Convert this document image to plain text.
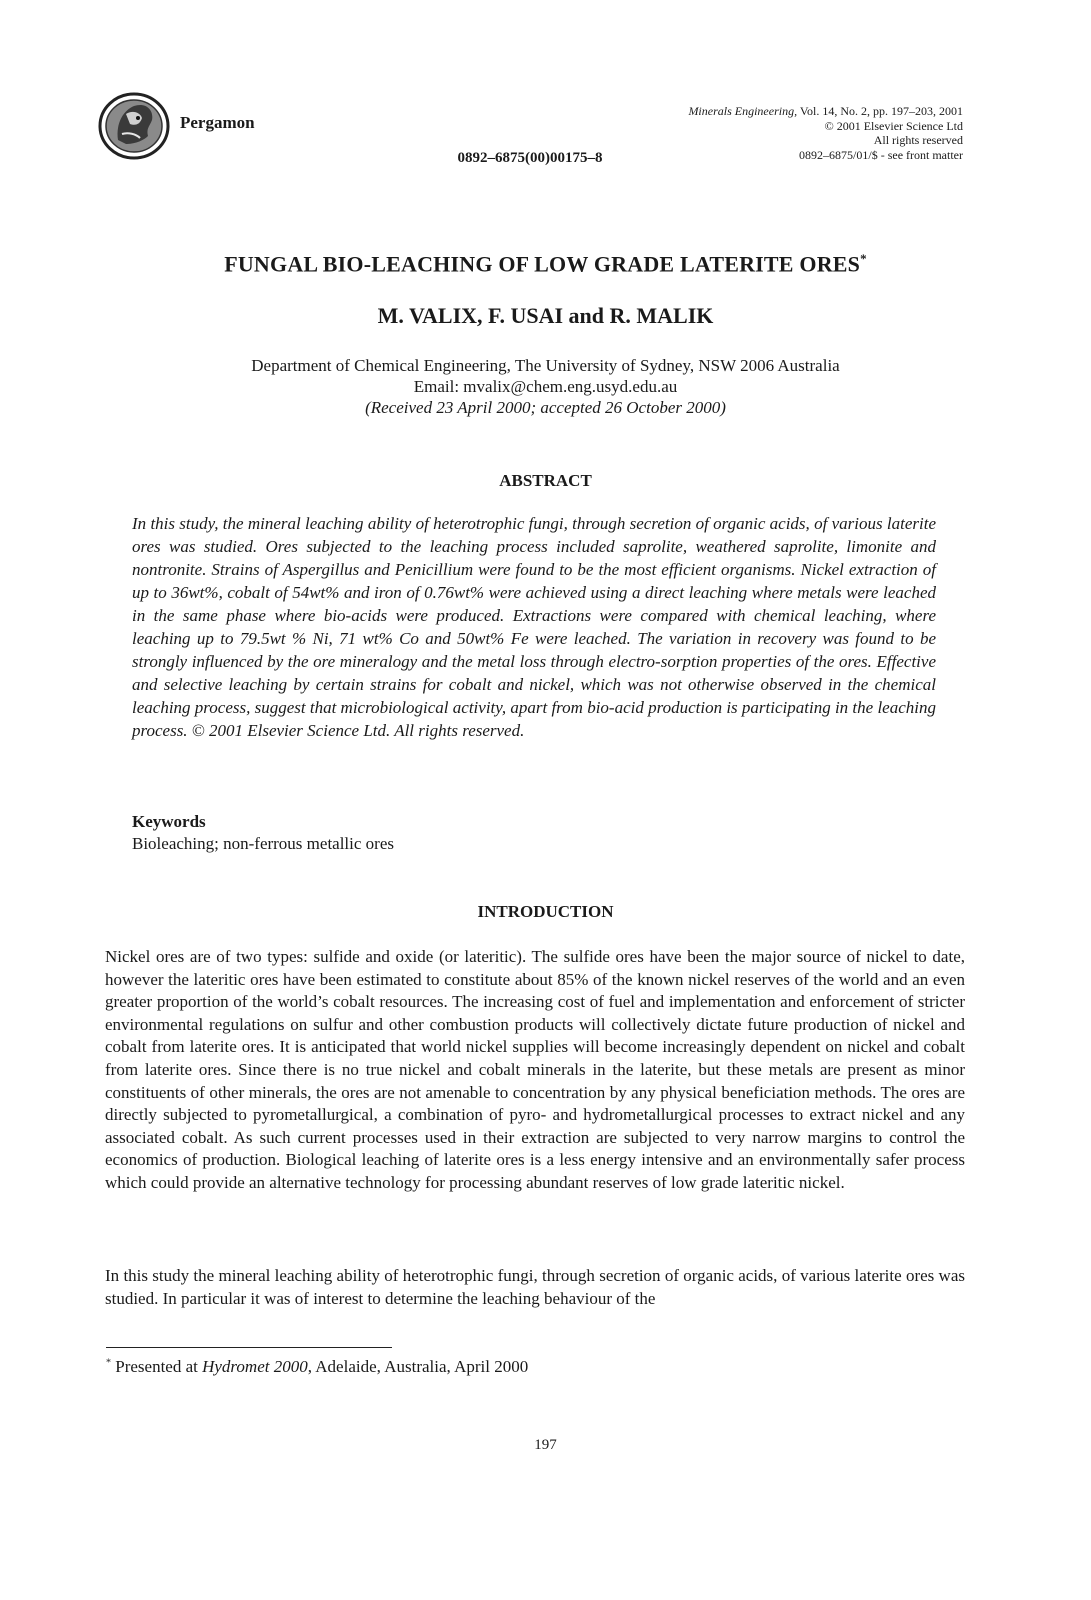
Pergamon
0892–6875(00)00175–8
Minerals Engineering, Vol. 14, No. 2, pp. 197–203, 2001
© 2001 Elsevier Science Ltd
All rights reserved
0892–6875/01/$ - see front matter
FUNGAL BIO-LEACHING OF LOW GRADE LATERITE ORES*
M. VALIX, F. USAI and R. MALIK
Department of Chemical Engineering, The University of Sydney, NSW 2006 Australia
Email: mvalix@chem.eng.usyd.edu.au
(Received 23 April 2000; accepted 26 October 2000)
ABSTRACT
In this study, the mineral leaching ability of heterotrophic fungi, through secretion of organic acids, of various laterite ores was studied. Ores subjected to the leaching process included saprolite, weathered saprolite, limonite and nontronite. Strains of Aspergillus and Penicillium were found to be the most efficient organisms. Nickel extraction of up to 36wt%, cobalt of 54wt% and iron of 0.76wt% were achieved using a direct leaching where metals were leached in the same phase where bio-acids were produced. Extractions were compared with chemical leaching, where leaching up to 79.5wt % Ni, 71 wt% Co and 50wt% Fe were leached. The variation in recovery was found to be strongly influenced by the ore mineralogy and the metal loss through electro-sorption properties of the ores. Effective and selective leaching by certain strains for cobalt and nickel, which was not otherwise observed in the chemical leaching process, suggest that microbiological activity, apart from bio-acid production is participating in the leaching process. © 2001 Elsevier Science Ltd. All rights reserved.
Keywords
Bioleaching; non-ferrous metallic ores
INTRODUCTION
Nickel ores are of two types: sulfide and oxide (or lateritic). The sulfide ores have been the major source of nickel to date, however the lateritic ores have been estimated to constitute about 85% of the known nickel reserves of the world and an even greater proportion of the world’s cobalt resources. The increasing cost of fuel and implementation and enforcement of stricter environmental regulations on sulfur and other combustion products will collectively dictate future production of nickel and cobalt from laterite ores. It is anticipated that world nickel supplies will become increasingly dependent on nickel and cobalt from laterite ores. Since there is no true nickel and cobalt minerals in the laterite, but these metals are present as minor constituents of other minerals, the ores are not amenable to concentration by any physical beneficiation methods. The ores are directly subjected to pyrometallurgical, a combination of pyro- and hydrometallurgical processes to extract nickel and any associated cobalt. As such current processes used in their extraction are subjected to very narrow margins to control the economics of production. Biological leaching of laterite ores is a less energy intensive and an environmentally safer process which could provide an alternative technology for processing abundant reserves of low grade lateritic nickel.
In this study the mineral leaching ability of heterotrophic fungi, through secretion of organic acids, of various laterite ores was studied. In particular it was of interest to determine the leaching behaviour of the
* Presented at Hydromet 2000, Adelaide, Australia, April 2000
197
